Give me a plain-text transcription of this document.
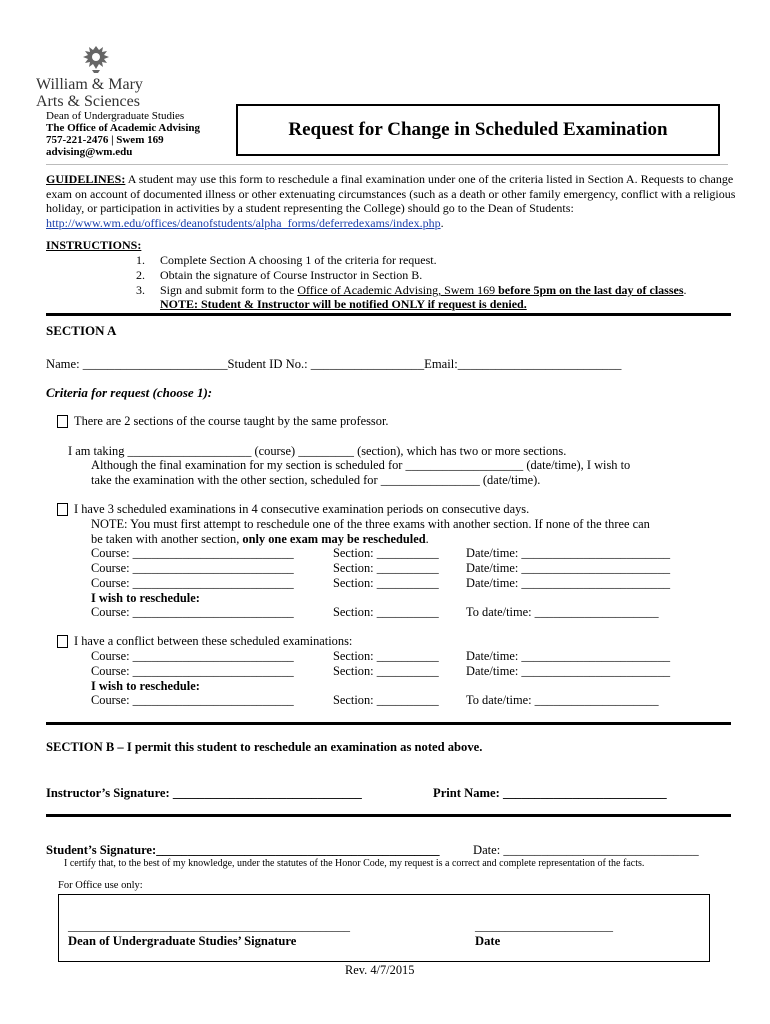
William & Mary
Arts & Sciences
Dean of Undergraduate Studies
The Office of Academic Advising
757-221-2476 | Swem 169
advising@wm.edu
Request for Change in Scheduled Examination
GUIDELINES: A student may use this form to reschedule a final examination under one of the criteria listed in Section A. Requests to change exam on account of documented illness or other extenuating circumstances (such as a death or other family emergency, conflict with a religious holiday, or participation in activities by a student representing the College) should go to the Dean of Students: http://www.wm.edu/offices/deanofstudents/alpha_forms/deferredexams/index.php.
INSTRUCTIONS:
1. Complete Section A choosing 1 of the criteria for request.
2. Obtain the signature of Course Instructor in Section B.
3. Sign and submit form to the Office of Academic Advising, Swem 169 before 5pm on the last day of classes.
NOTE: Student & Instructor will be notified ONLY if request is denied.
SECTION A
Name: _______________________Student ID No.: __________________Email:__________________________
Criteria for request (choose 1):
There are 2 sections of the course taught by the same professor.
I am taking ____________________ (course) _________ (section), which has two or more sections.
Although the final examination for my section is scheduled for ___________________ (date/time), I wish to
take the examination with the other section, scheduled for ________________ (date/time).
I have 3 scheduled examinations in 4 consecutive examination periods on consecutive days.
NOTE: You must first attempt to reschedule one of the three exams with another section. If none of the three can
be taken with another section, only one exam may be rescheduled.
Course: __________________________	Section: __________ Date/time: ________________________
Course: __________________________	Section: __________ Date/time: ________________________
Course: __________________________	Section: __________ Date/time: ________________________
I wish to reschedule:
Course: __________________________	Section: __________ To date/time: ____________________
I have a conflict between these scheduled examinations:
Course: __________________________	Section: __________ Date/time: ________________________
Course: __________________________	Section: __________ Date/time: ________________________
I wish to reschedule:
Course: __________________________	Section: __________ To date/time: ____________________
SECTION B – I permit this student to reschedule an examination as noted above.
Instructor’s Signature: ______________________________	Print Name: __________________________
Student’s Signature:_____________________________________________	Date: _______________________________
I certify that, to the best of my knowledge, under the statutes of the Honor Code, my request is a correct and complete representation of the facts.
For Office use only:
_______________________________________________
Dean of Undergraduate Studies’ Signature
_______________________
Date
Rev. 4/7/2015
